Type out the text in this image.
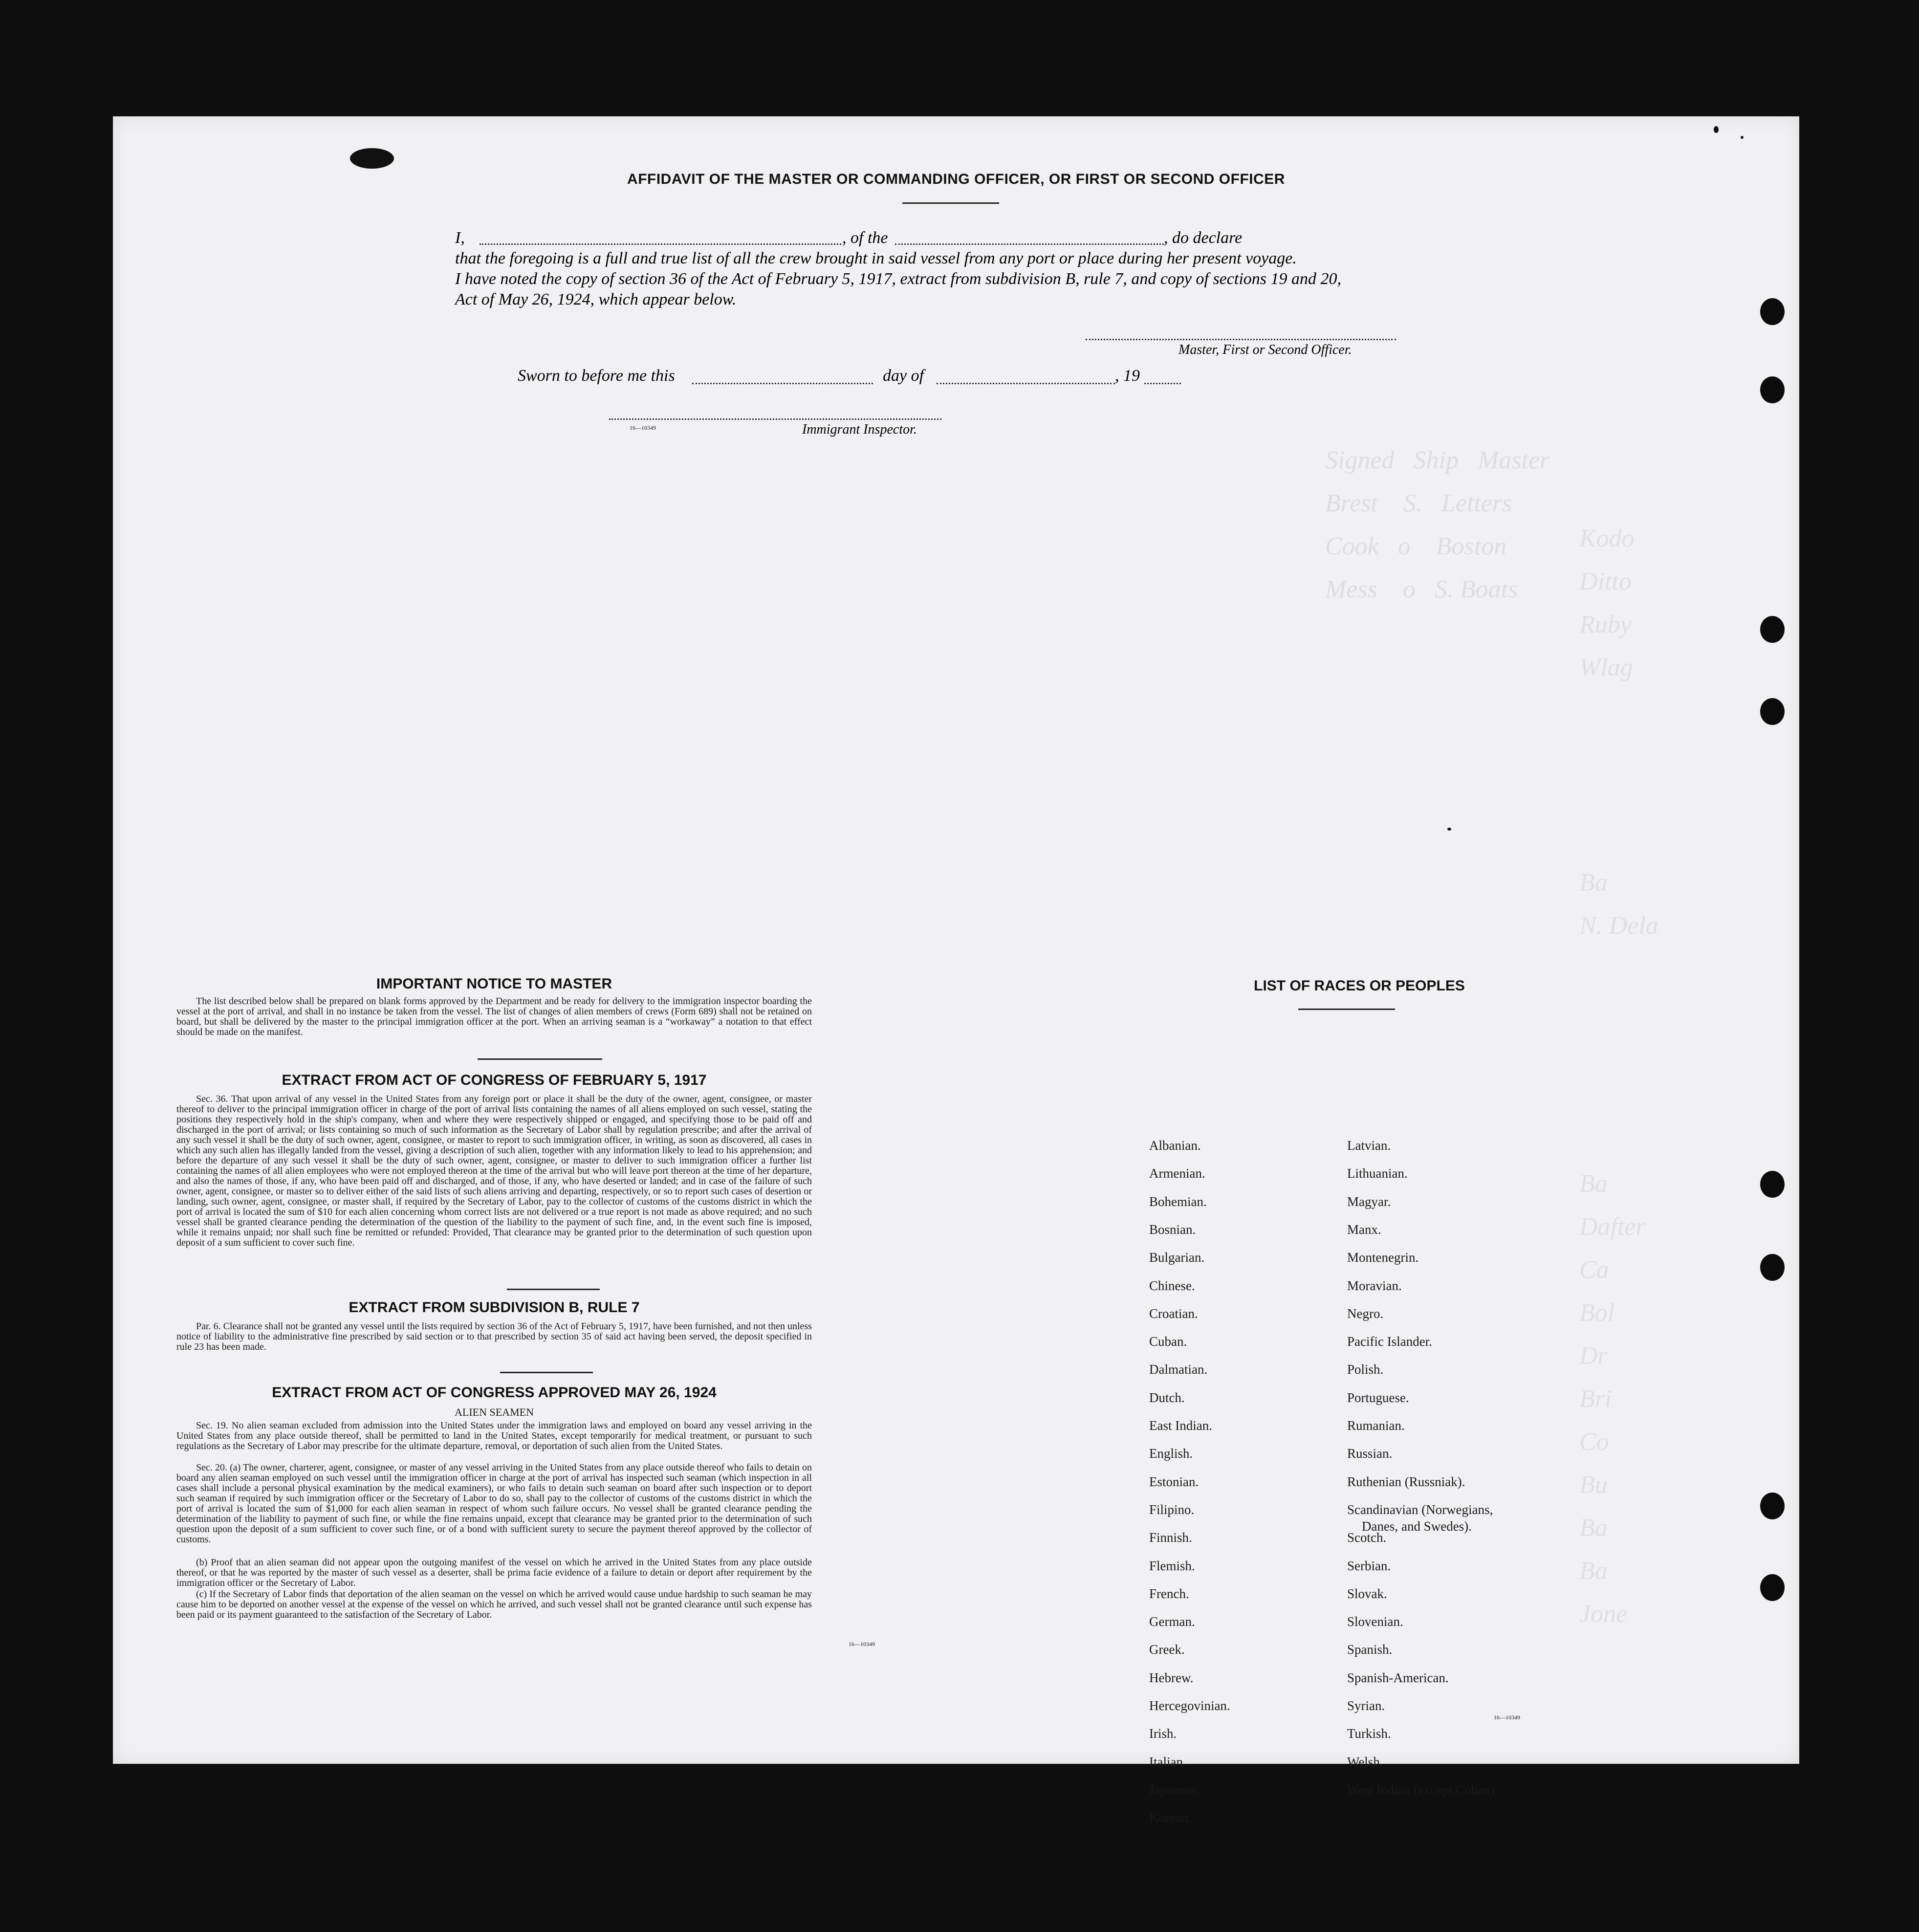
Signed   Ship   Master
Brest    S.   Letters
Cook   o    Boston
Mess    o   S. Boats
Kodo
Ditto
Ruby
Wlag

Ba
N. Dela

Ba
Dafter
Ca
Bol
Dr
Bri
Co
Bu
Ba
Ba
Jone
AFFIDAVIT OF THE MASTER OR COMMANDING OFFICER, OR FIRST OR SECOND OFFICER
I,	, of the	, do declare
that the foregoing is a full and true list of all the crew brought in said vessel from any port or place during her present voyage.
I have noted the copy of section 36 of the Act of February 5, 1917, extract from subdivision B, rule 7, and copy of sections 19 and 20,
Act of May 26, 1924, which appear below.
Master, First or Second Officer.
Sworn to before me this	day of	, 19
16—10349	Immigrant Inspector.
IMPORTANT NOTICE TO MASTER
The list described below shall be prepared on blank forms approved by the Department and be ready for delivery to the immigration inspector boarding the vessel at the port of arrival, and shall in no instance be taken from the vessel. The list of changes of alien members of crews (Form 689) shall not be retained on board, but shall be delivered by the master to the principal immigration officer at the port. When an arriving seaman is a “workaway” a notation to that effect should be made on the manifest.
EXTRACT FROM ACT OF CONGRESS OF FEBRUARY 5, 1917
Sec. 36. That upon arrival of any vessel in the United States from any foreign port or place it shall be the duty of the owner, agent, consignee, or master thereof to deliver to the principal immigration officer in charge of the port of arrival lists containing the names of all aliens employed on such vessel, stating the positions they respectively hold in the ship's company, when and where they were respectively shipped or engaged, and specifying those to be paid off and discharged in the port of arrival; or lists containing so much of such information as the Secretary of Labor shall by regulation prescribe; and after the arrival of any such vessel it shall be the duty of such owner, agent, consignee, or master to report to such immigration officer, in writing, as soon as discovered, all cases in which any such alien has illegally landed from the vessel, giving a description of such alien, together with any information likely to lead to his apprehension; and before the departure of any such vessel it shall be the duty of such owner, agent, consignee, or master to deliver to such immigration officer a further list containing the names of all alien employees who were not employed thereon at the time of the arrival but who will leave port thereon at the time of her departure, and also the names of those, if any, who have been paid off and discharged, and of those, if any, who have deserted or landed; and in case of the failure of such owner, agent, consignee, or master so to deliver either of the said lists of such aliens arriving and departing, respectively, or so to report such cases of desertion or landing, such owner, agent, consignee, or master shall, if required by the Secretary of Labor, pay to the collector of customs of the customs district in which the port of arrival is located the sum of $10 for each alien concerning whom correct lists are not delivered or a true report is not made as above required; and no such vessel shall be granted clearance pending the determination of the question of the liability to the payment of such fine, and, in the event such fine is imposed, while it remains unpaid; nor shall such fine be remitted or refunded: Provided, That clearance may be granted prior to the determination of such question upon deposit of a sum sufficient to cover such fine.
EXTRACT FROM SUBDIVISION B, RULE 7
Par. 6. Clearance shall not be granted any vessel until the lists required by section 36 of the Act of February 5, 1917, have been furnished, and not then unless notice of liability to the administrative fine prescribed by said section or to that prescribed by section 35 of said act having been served, the deposit specified in rule 23 has been made.
EXTRACT FROM ACT OF CONGRESS APPROVED MAY 26, 1924
ALIEN SEAMEN
Sec. 19. No alien seaman excluded from admission into the United States under the immigration laws and employed on board any vessel arriving in the United States from any place outside thereof, shall be permitted to land in the United States, except temporarily for medical treatment, or pursuant to such regulations as the Secretary of Labor may prescribe for the ultimate departure, removal, or deportation of such alien from the United States.
Sec. 20. (a) The owner, charterer, agent, consignee, or master of any vessel arriving in the United States from any place outside thereof who fails to detain on board any alien seaman employed on such vessel until the immigration officer in charge at the port of arrival has inspected such seaman (which inspection in all cases shall include a personal physical examination by the medical examiners), or who fails to detain such seaman on board after such inspection or to deport such seaman if required by such immigration officer or the Secretary of Labor to do so, shall pay to the collector of customs of the customs district in which the port of arrival is located the sum of $1,000 for each alien seaman in respect of whom such failure occurs. No vessel shall be granted clearance pending the determination of the liability to payment of such fine, or while the fine remains unpaid, except that clearance may be granted prior to the determination of such question upon the deposit of a sum sufficient to cover such fine, or of a bond with sufficient surety to secure the payment thereof approved by the collector of customs.
(b) Proof that an alien seaman did not appear upon the outgoing manifest of the vessel on which he arrived in the United States from any place outside thereof, or that he was reported by the master of such vessel as a deserter, shall be prima facie evidence of a failure to detain or deport after requirement by the immigration officer or the Secretary of Labor.
(c) If the Secretary of Labor finds that deportation of the alien seaman on the vessel on which he arrived would cause undue hardship to such seaman he may cause him to be deported on another vessel at the expense of the vessel on which he arrived, and such vessel shall not be granted clearance until such expense has been paid or its payment guaranteed to the satisfaction of the Secretary of Labor.
16—10349
LIST OF RACES OR PEOPLES
16—10349
Albanian.
Armenian.
Bohemian.
Bosnian.
Bulgarian.
Chinese.
Croatian.
Cuban.
Dalmatian.
Dutch.
East Indian.
English.
Estonian.
Filipino.
Finnish.
Flemish.
French.
German.
Greek.
Hebrew.
Hercegovinian.
Irish.
Italian.
Japanese.
Korean.
Latvian.
Lithuanian.
Magyar.
Manx.
Montenegrin.
Moravian.
Negro.
Pacific Islander.
Polish.
Portuguese.
Rumanian.
Russian.
Ruthenian (Russniak).
Scandinavian (Norwegians,
Danes, and Swedes).
Scotch.
Serbian.
Slovak.
Slovenian.
Spanish.
Spanish-American.
Syrian.
Turkish.
Welsh.
West Indian (except Cuban).
